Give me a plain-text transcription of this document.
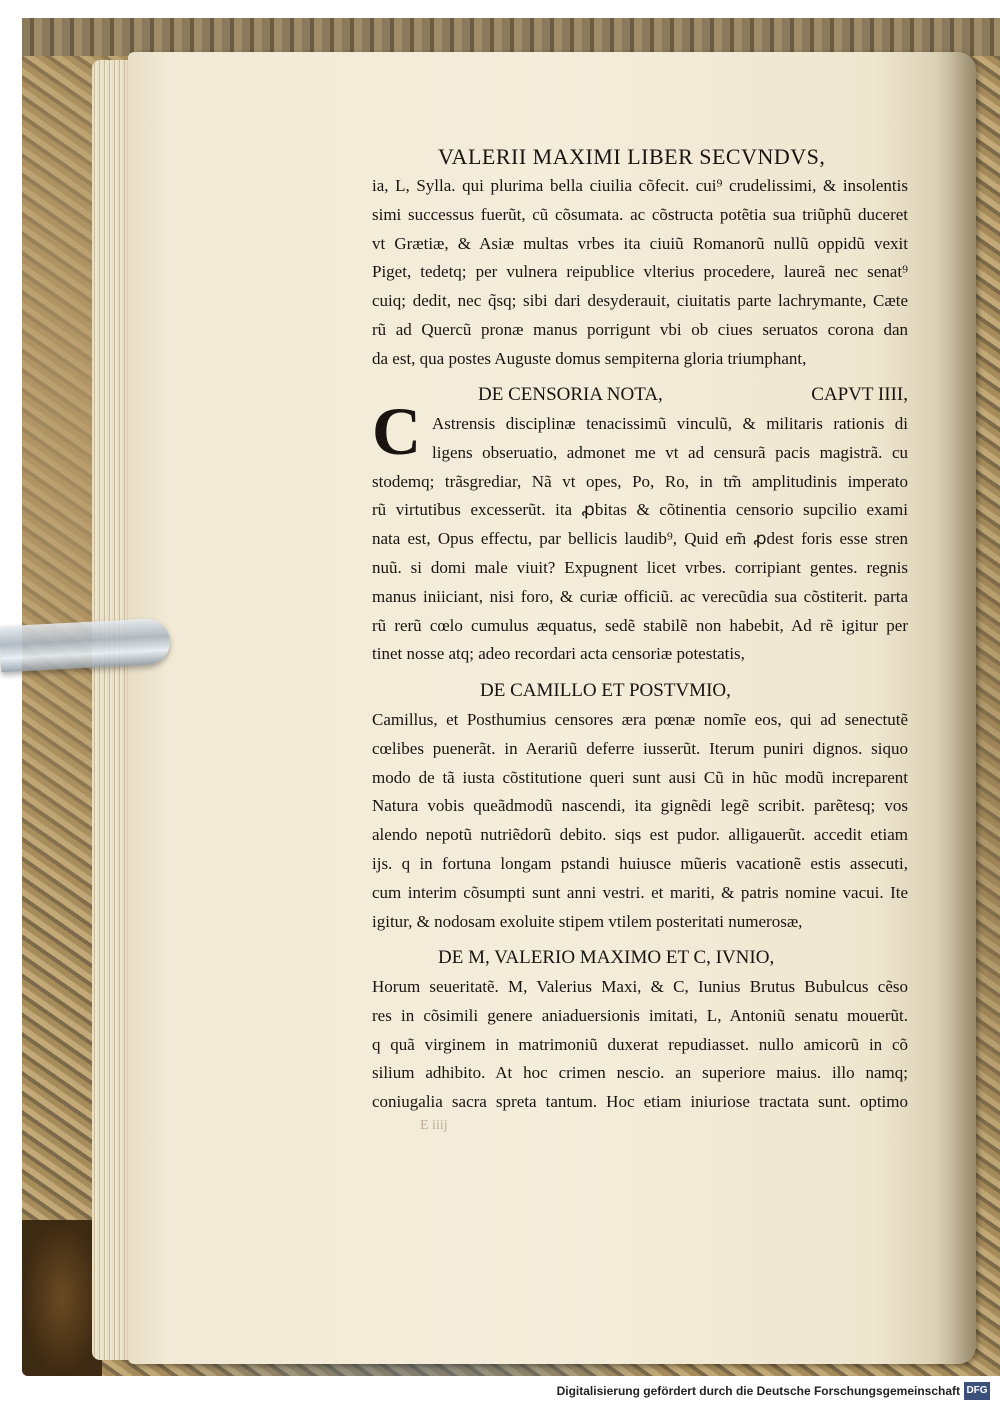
VALERII MAXIMI LIBER SECVNDVS,
C
ia, L, Sylla. qui plurima bella ciuilia cõfecit. cui⁹ crudelissimi, & insolentis
simi successus fuerũt, cũ cõsumata. ac cõstructa potẽtia sua triũphũ duceret
vt Grætiæ, & Asiæ multas vrbes ita ciuiũ Romanorũ nullũ oppidũ vexit
Piget, tedetq; per vulnera reipublice vlterius procedere, laureã nec senat⁹
cuiq; dedit, nec q̃sq; sibi dari desyderauit, ciuitatis parte lachrymante, Cæte
rũ ad Quercũ pronæ manus porrigunt vbi ob ciues seruatos corona dan
da est, qua postes Auguste domus sempiterna gloria triumphant,
DE CENSORIA NOTA,	CAPVT IIII,
Astrensis disciplinæ tenacissimũ vinculũ, & militaris rationis di
ligens obseruatio, admonet me vt ad censurã pacis magistrã. cu
stodemq; trãsgrediar, Nã vt opes, Po, Ro, in tm̃ amplitudinis imperato
rũ virtutibus excesserũt. ita ꝓbitas & cõtinentia censorio supcilio exami
nata est, Opus effectu, par bellicis laudib⁹, Quid em̃ ꝓdest foris esse stren
nuũ. si domi male viuit? Expugnent licet vrbes. corripiant gentes. regnis
manus iniiciant, nisi foro, & curiæ officiũ. ac verecũdia sua cõstiterit. parta
rũ rerũ cœlo cumulus æquatus, sedẽ stabilẽ non habebit, Ad rẽ igitur per
tinet nosse atq; adeo recordari acta censoriæ potestatis,
DE CAMILLO ET POSTVMIO,
Camillus, et Posthumius censores æra pœnæ nomĩe eos, qui ad senectutẽ
cœlibes puenerãt. in Aerariũ deferre iusserũt. Iterum puniri dignos. siquo
modo de tã iusta cõstitutione queri sunt ausi Cũ in hũc modũ increparent
Natura vobis queãdmodũ nascendi, ita gignẽdi legẽ scribit. parẽtesq; vos
alendo nepotũ nutriẽdorũ debito. siqs est pudor. alligauerũt. accedit etiam
ijs. q in fortuna longam pstandi huiusce mũeris vacationẽ estis assecuti,
cum interim cõsumpti sunt anni vestri. et mariti, & patris nomine vacui. Ite
igitur, & nodosam exoluite stipem vtilem posteritati numerosæ,
DE M, VALERIO MAXIMO ET C, IVNIO,
Horum seueritatẽ. M, Valerius Maxi, & C, Iunius Brutus Bubulcus cẽso
res in cõsimili genere aniaduersionis imitati, L, Antoniũ senatu mouerũt.
q quã virginem in matrimoniũ duxerat repudiasset. nullo amicorũ in cõ
silium adhibito. At hoc crimen nescio. an superiore maius. illo namq;
coniugalia sacra spreta tantum. Hoc etiam iniuriose tractata sunt. optimo
E iiij
Digitalisierung gefördert durch die Deutsche Forschungsgemeinschaft DFG
